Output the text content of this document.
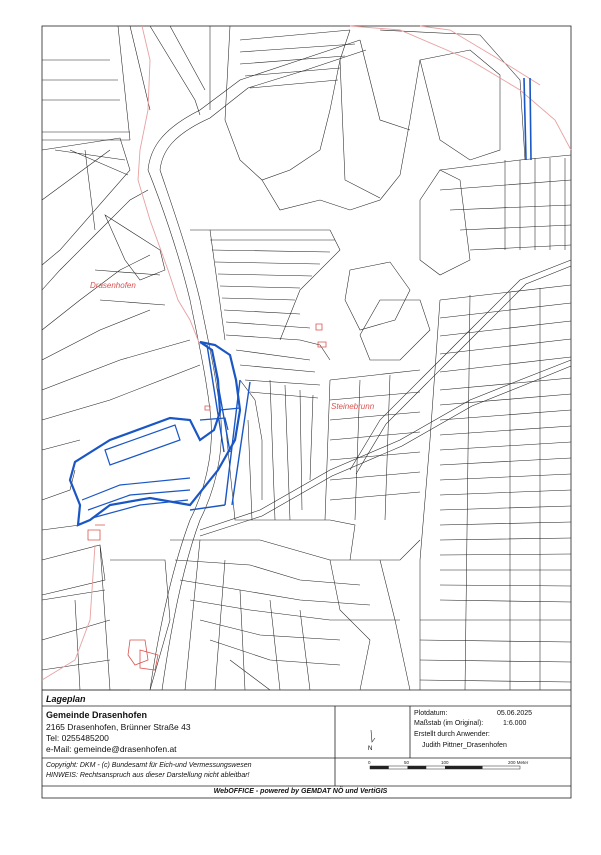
Drasenhofen
Steinebrunn
N
0	50	100	200 Meter
Lageplan
Gemeinde Drasenhofen
2165 Drasenhofen, Brünner Straße 43
Tel: 0255485200
e-Mail: gemeinde@drasenhofen.at
Plotdatum:	05.06.2025
Maßstab (im Original):	1:6.000
Erstellt durch Anwender:
Judith Pittner_Drasenhofen
Copyright: DKM - (c) Bundesamt für Eich-und Vermessungswesen
HINWEIS: Rechtsanspruch aus dieser Darstellung nicht ableitbar!
WebOFFICE - powered by GEMDAT NÖ und VertiGIS
